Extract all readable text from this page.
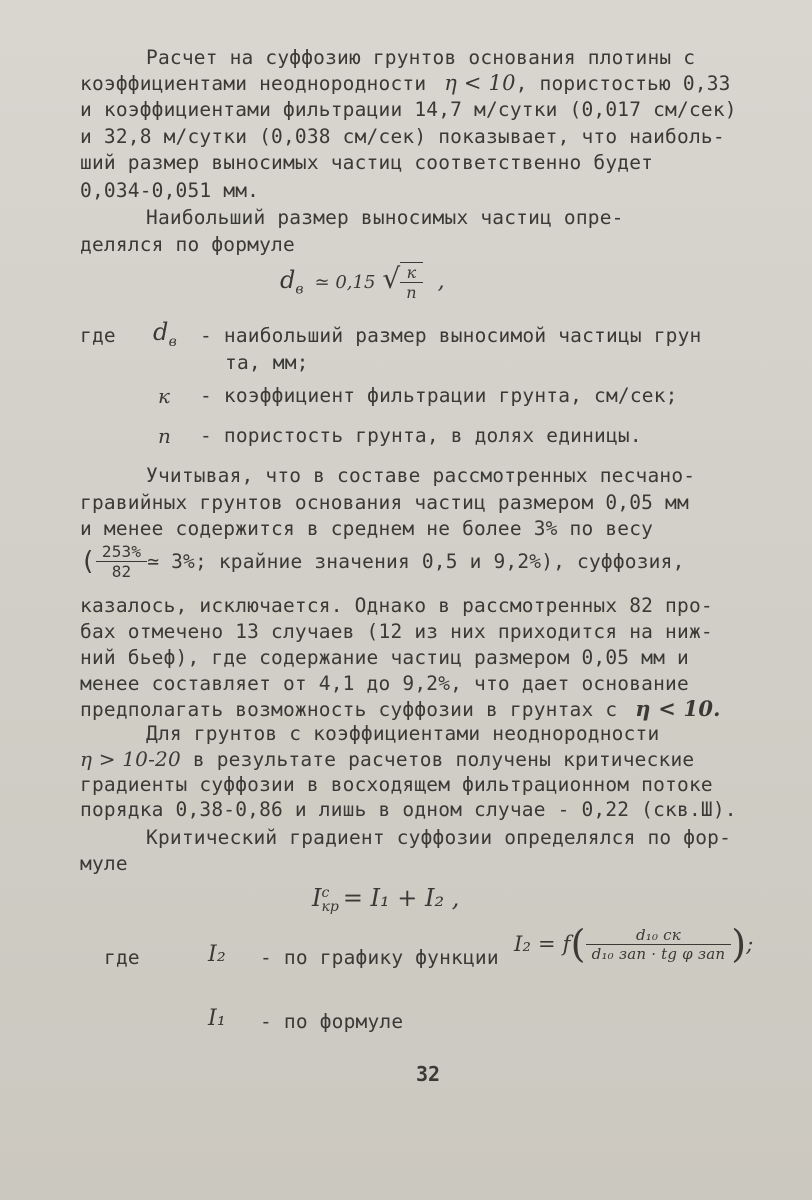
Расчет на суффозию грунтов основания плотины с
коэффициентами неоднородности η < 10, пористостью 0,33
и коэффициентами фильтрации 14,7 м/сутки (0,017 см/сек)
и 32,8 м/сутки (0,038 см/сек) показывает, что наиболь-
ший размер выносимых частиц соответственно будет
0,034-0,051 мм.
Наибольший размер выносимых частиц опре-
делялся по формуле
$d_в$ ≃ 0,15 √ $\frac{к}{n}$ ,
где $d_в$ - наибольший размер выносимой частицы грун
та, мм;
к - коэффициент фильтрации грунта, см/сек;
n - пористость грунта, в долях единицы.
Учитывая, что в составе рассмотренных песчано-
гравийных грунтов основания частиц размером 0,05 мм
и менее содержится в среднем не более 3% по весу
( $\frac{253\%}{82}$ ≃ 3%; крайние значения 0,5 и 9,2%), суффозия,
казалось, исключается. Однако в рассмотренных 82 про-
бах отмечено 13 случаев (12 из них приходится на ниж-
ний бьеф), где содержание частиц размером 0,05 мм и
менее составляет от 4,1 до 9,2%, что дает основание
предполагать возможность суффозии в грунтах с η < 10.
Для грунтов с коэффициентами неоднородности
η > 10-20 в результате расчетов получены критические
градиенты суффозии в восходящем фильтрационном потоке
порядка 0,38-0,86 и лишь в одном случае - 0,22 (скв.Ш).
Критический градиент суффозии определялся по фор-
муле
I с
кр = I₁ + I₂ ,
где	I₂ - по графику функции
$I_2 = f( \frac{\text{d₁₀ ск}}{\text{d₁₀ зап · tg φ зап}}$ );
I₁ - по формуле
32
